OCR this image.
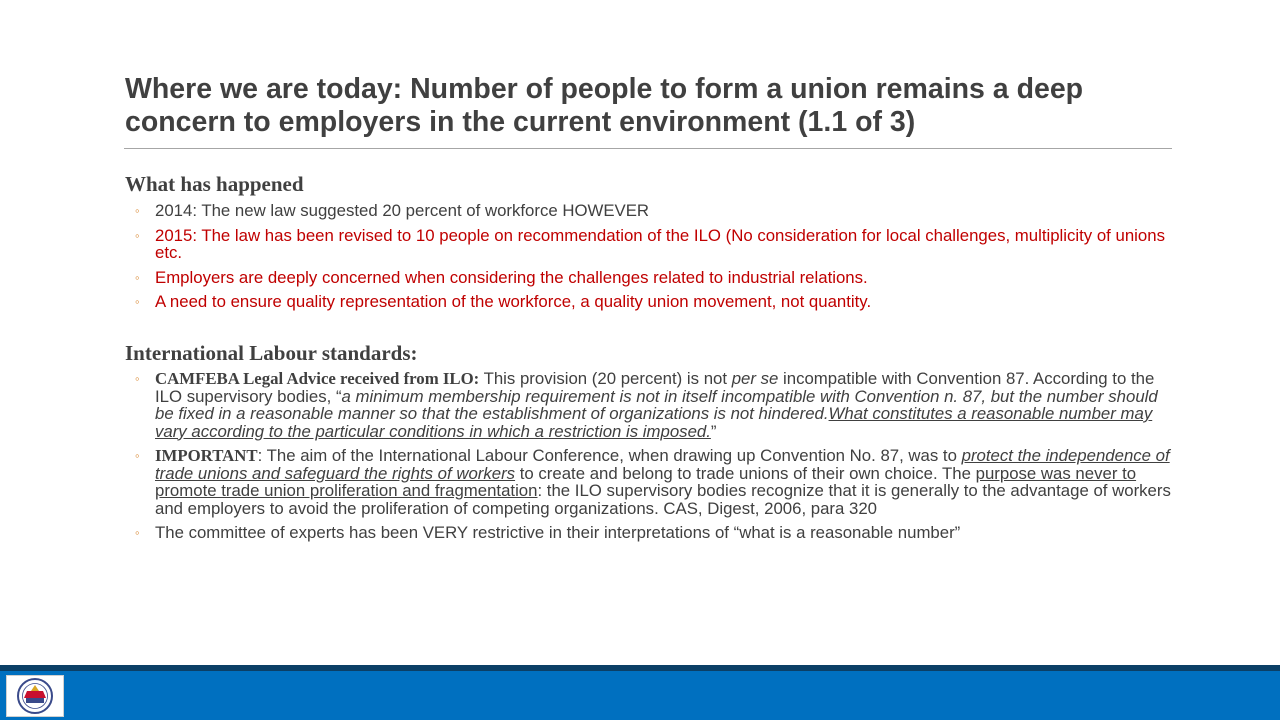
Where we are today: Number of people to form a union remains a deep concern to employers in the current environment (1.1 of 3)
What has happened
◦ 2014: The new law suggested 20 percent of workforce HOWEVER
◦ 2015: The law has been revised to 10 people on recommendation of the ILO (No consideration for local challenges, multiplicity of unions etc.
◦ Employers are deeply concerned when considering the challenges related to industrial relations.
◦ A need to ensure quality representation of the workforce, a quality union movement, not quantity.
International Labour standards:
◦ CAMFEBA Legal Advice received from ILO: This provision (20 percent) is not per se incompatible with Convention 87. According to the ILO supervisory bodies, “a minimum membership requirement is not in itself incompatible with Convention n. 87, but the number should be fixed in a reasonable manner so that the establishment of organizations is not hindered.What constitutes a reasonable number may vary according to the particular conditions in which a restriction is imposed.”
◦ IMPORTANT: The aim of the International Labour Conference, when drawing up Convention No. 87, was to protect the independence of trade unions and safeguard the rights of workers to create and belong to trade unions of their own choice. The purpose was never to promote trade union proliferation and fragmentation: the ILO supervisory bodies recognize that it is generally to the advantage of workers and employers to avoid the proliferation of competing organizations. CAS, Digest, 2006, para 320
◦ The committee of experts has been VERY restrictive in their interpretations of “what is a reasonable number”
